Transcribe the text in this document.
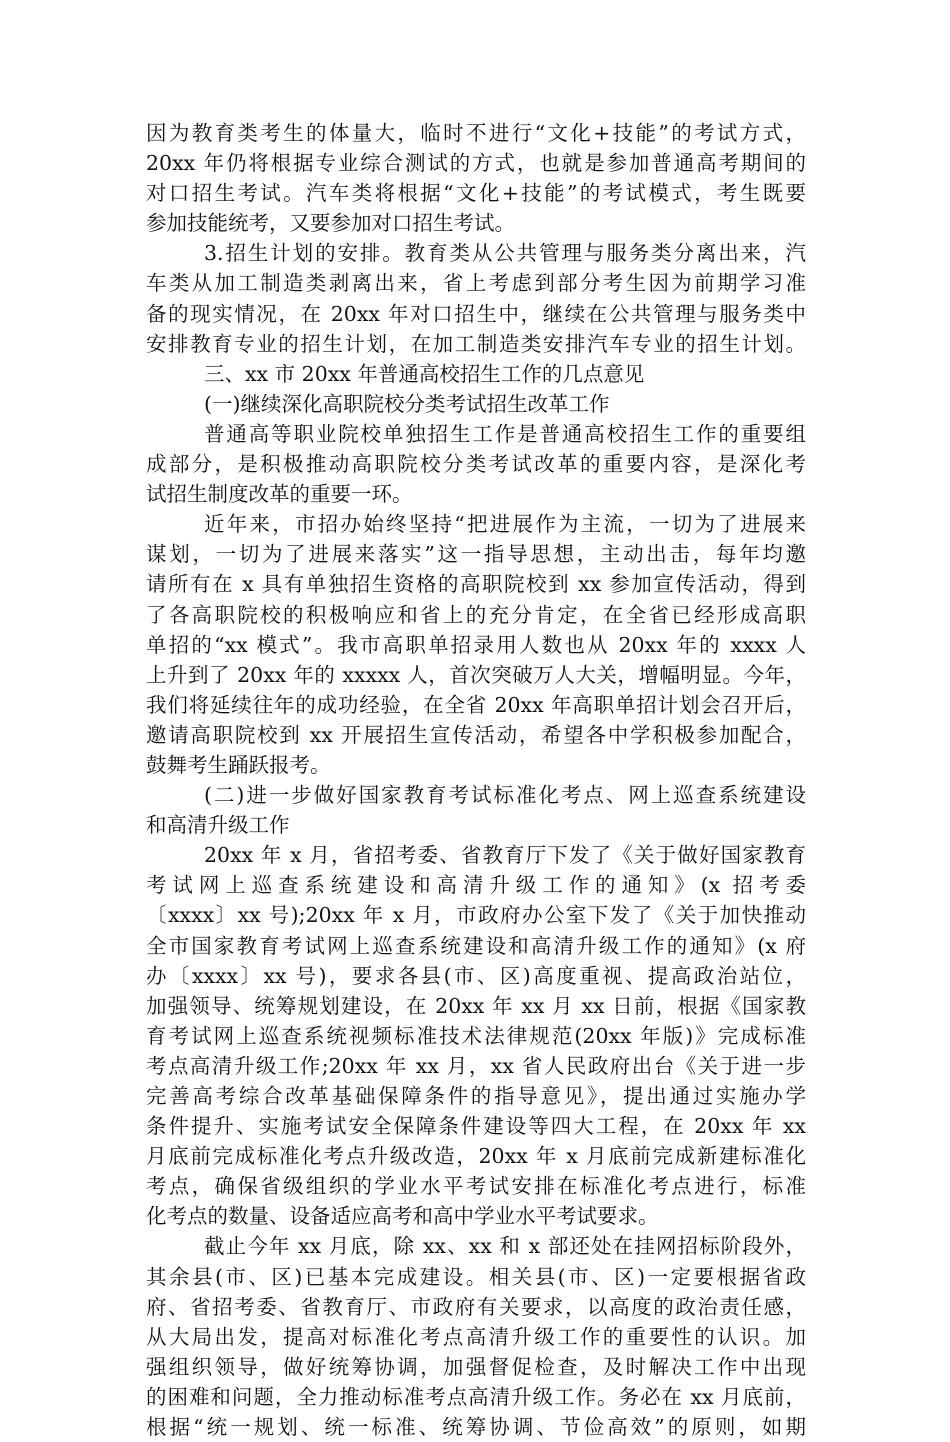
因为教育类考生的体量大，临时不进行“文化+技能”的考试方式，
20xx 年仍将根据专业综合测试的方式，也就是参加普通高考期间的
对口招生考试。汽车类将根据“文化+技能”的考试模式，考生既要
参加技能统考，又要参加对口招生考试。
3.招生计划的安排。教育类从公共管理与服务类分离出来，汽
车类从加工制造类剥离出来，省上考虑到部分考生因为前期学习准
备的现实情况，在 20xx 年对口招生中，继续在公共管理与服务类中
安排教育专业的招生计划，在加工制造类安排汽车专业的招生计划。
三、xx 市 20xx 年普通高校招生工作的几点意见
(一)继续深化高职院校分类考试招生改革工作
普通高等职业院校单独招生工作是普通高校招生工作的重要组
成部分，是积极推动高职院校分类考试改革的重要内容，是深化考
试招生制度改革的重要一环。
近年来，市招办始终坚持“把进展作为主流，一切为了进展来
谋划，一切为了进展来落实”这一指导思想，主动出击，每年均邀
请所有在 x 具有单独招生资格的高职院校到 xx 参加宣传活动，得到
了各高职院校的积极响应和省上的充分肯定，在全省已经形成高职
单招的“xx 模式”。我市高职单招录用人数也从 20xx 年的 xxxx 人
上升到了 20xx 年的 xxxxx 人，首次突破万人大关，增幅明显。今年，
我们将延续往年的成功经验，在全省 20xx 年高职单招计划会召开后，
邀请高职院校到 xx 开展招生宣传活动，希望各中学积极参加配合，
鼓舞考生踊跃报考。
(二)进一步做好国家教育考试标准化考点、网上巡查系统建设
和高清升级工作
20xx 年 x 月，省招考委、省教育厅下发了《关于做好国家教育
考试网上巡查系统建设和高清升级工作的通知》(x 招考委
〔xxxx〕xx 号);20xx 年 x 月，市政府办公室下发了《关于加快推动
全市国家教育考试网上巡查系统建设和高清升级工作的通知》(x 府
办〔xxxx〕xx 号)，要求各县(市、区)高度重视、提高政治站位，
加强领导、统筹规划建设，在 20xx 年 xx 月 xx 日前，根据《国家教
育考试网上巡查系统视频标准技术法律规范(20xx 年版)》完成标准
考点高清升级工作;20xx 年 xx 月，xx 省人民政府出台《关于进一步
完善高考综合改革基础保障条件的指导意见》，提出通过实施办学
条件提升、实施考试安全保障条件建设等四大工程，在 20xx 年 xx
月底前完成标准化考点升级改造，20xx 年 x 月底前完成新建标准化
考点，确保省级组织的学业水平考试安排在标准化考点进行，标准
化考点的数量、设备适应高考和高中学业水平考试要求。
截止今年 xx 月底，除 xx、xx 和 x 部还处在挂网招标阶段外，
其余县(市、区)已基本完成建设。相关县(市、区)一定要根据省政
府、省招考委、省教育厅、市政府有关要求，以高度的政治责任感，
从大局出发，提高对标准化考点高清升级工作的重要性的认识。加
强组织领导，做好统筹协调，加强督促检查，及时解决工作中出现
的困难和问题，全力推动标准考点高清升级工作。务必在 xx 月底前，
根据“统一规划、统一标准、统筹协调、节俭高效”的原则，如期
